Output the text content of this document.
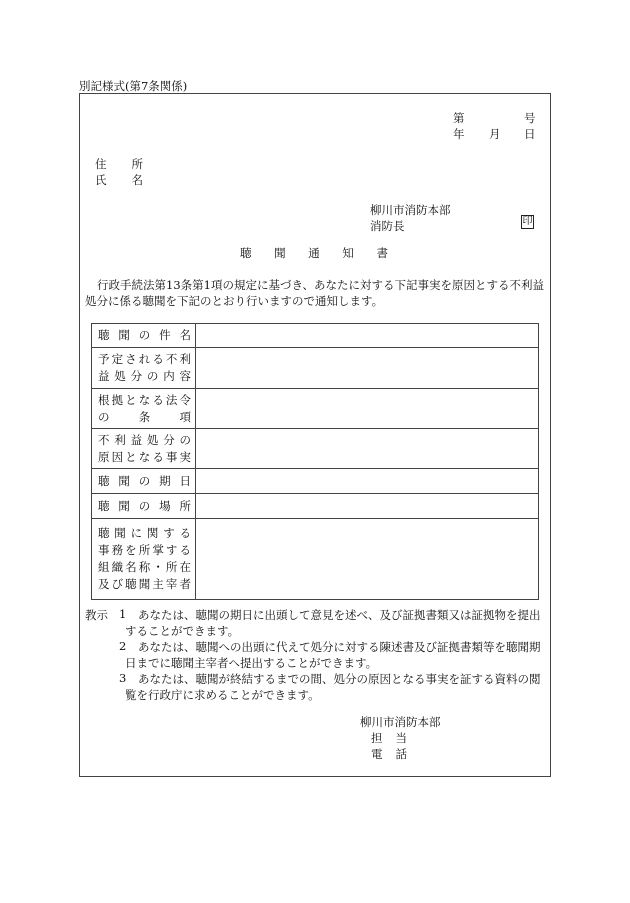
別記様式(第7条関係)
第	号
年 月 日
住 所
氏 名
柳川市消防本部
消防長	印
聴 聞 通 知 書
行政手続法第13条第1項の規定に基づき、あなたに対する下記事実を原因とする不利益
処分に係る聴聞を下記のとおり行いますので通知します。
聴聞の件名	

予定される不利
益処分の内容	

根拠となる法令
の 条 項	

不利益処分の
原因となる事実	

聴聞の期日	

聴聞の場所	

聴聞に関する
事務を所掌する
組織名称・所在
及び聴聞主宰者	

教示 1 あなたは、聴聞の期日に出頭して意見を述べ、及び証拠書類又は証拠物を提出
することができます。
2 あなたは、聴聞への出頭に代えて処分に対する陳述書及び証拠書類等を聴聞期
日までに聴聞主宰者へ提出することができます。
3 あなたは、聴聞が終結するまでの間、処分の原因となる事実を証する資料の閲
覧を行政庁に求めることができます。
柳川市消防本部
担 当
電 話
